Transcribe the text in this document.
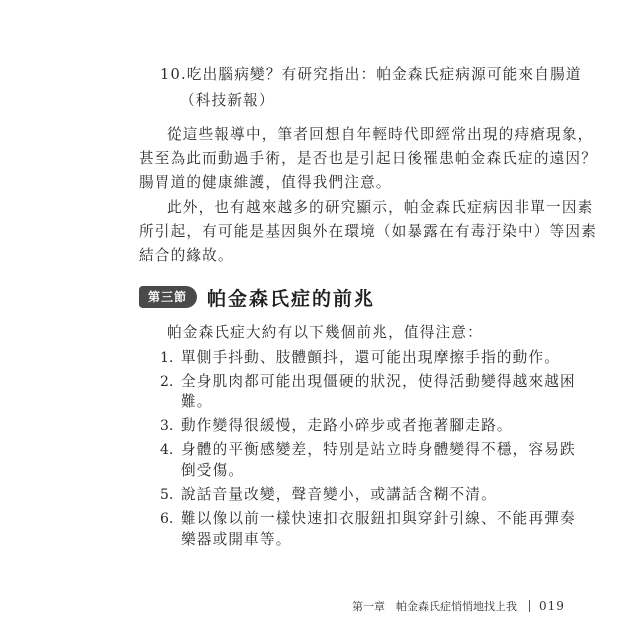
10.吃出腦病變？有研究指出：帕金森氏症病源可能來自腸道
（科技新報）
從這些報導中，筆者回想自年輕時代即經常出現的痔瘡現象，
甚至為此而動過手術，是否也是引起日後罹患帕金森氏症的遠因？
腸胃道的健康維護，值得我們注意。
此外，也有越來越多的研究顯示，帕金森氏症病因非單一因素
所引起，有可能是基因與外在環境（如暴露在有毒汙染中）等因素
結合的緣故。
第三節	帕金森氏症的前兆
帕金森氏症大約有以下幾個前兆，值得注意：
1. 單側手抖動、肢體顫抖，還可能出現摩擦手指的動作。
2. 全身肌肉都可能出現僵硬的狀況，使得活動變得越來越困
難。
3. 動作變得很緩慢，走路小碎步或者拖著腳走路。
4. 身體的平衡感變差，特別是站立時身體變得不穩，容易跌
倒受傷。
5. 說話音量改變，聲音變小，或講話含糊不清。
6. 難以像以前一樣快速扣衣服鈕扣與穿針引線、不能再彈奏
樂器或開車等。
第一章　帕金森氏症悄悄地找上我 019
